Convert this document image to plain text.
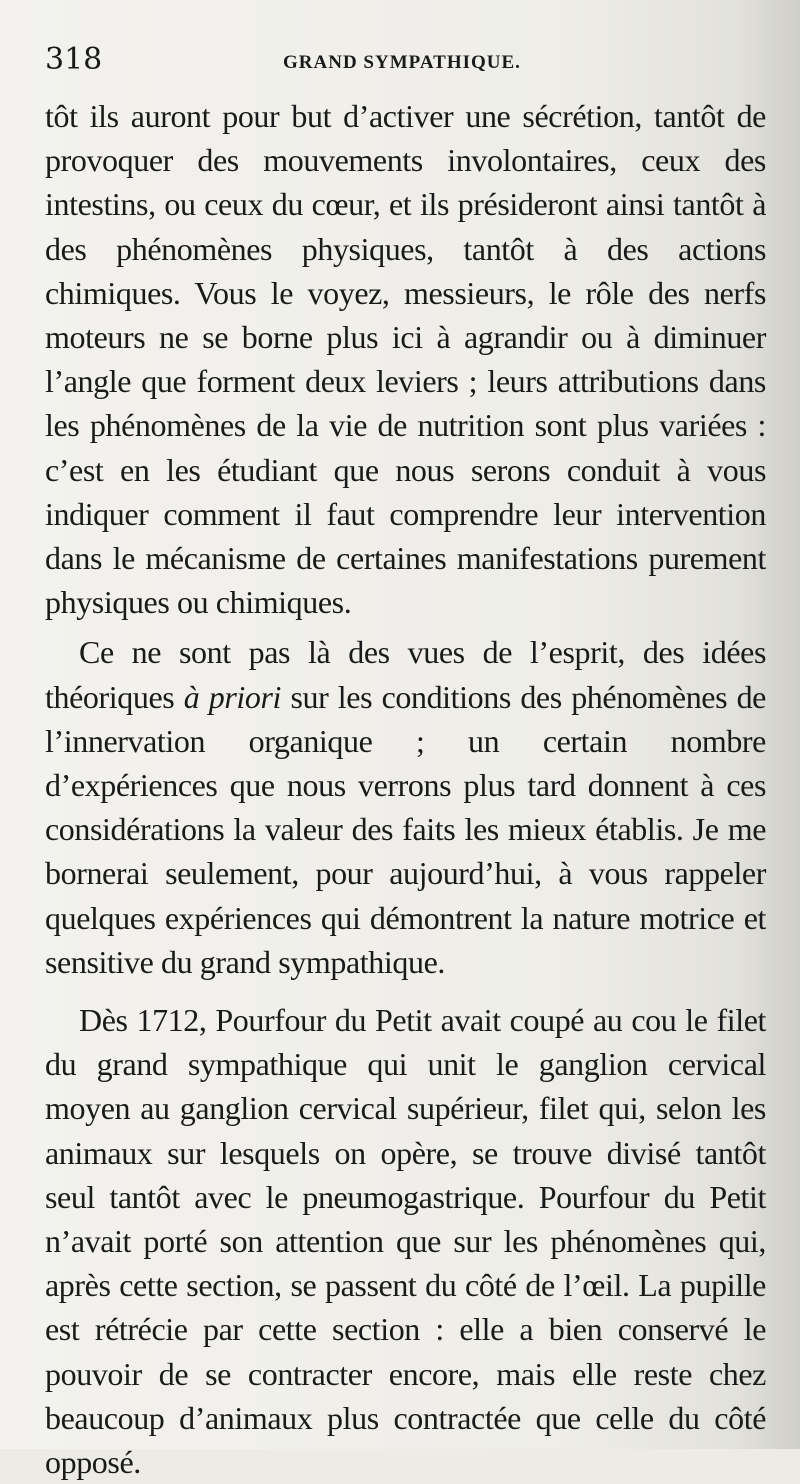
318	GRAND SYMPATHIQUE.

tôt ils auront pour but d’activer une sécrétion, tantôt de provoquer des mouvements involontaires, ceux des intestins, ou ceux du cœur, et ils présideront ainsi tantôt à des phénomènes physiques, tantôt à des actions chimiques. Vous le voyez, messieurs, le rôle des nerfs moteurs ne se borne plus ici à agrandir ou à diminuer l’angle que forment deux leviers ; leurs attributions dans les phénomènes de la vie de nutrition sont plus variées : c’est en les étudiant que nous serons conduit à vous indiquer comment il faut comprendre leur intervention dans le mécanisme de certaines manifestations purement physiques ou chimiques.

Ce ne sont pas là des vues de l’esprit, des idées théoriques à priori sur les conditions des phénomènes de l’innervation organique ; un certain nombre d’expériences que nous verrons plus tard donnent à ces considérations la valeur des faits les mieux établis. Je me bornerai seulement, pour aujourd’hui, à vous rappeler quelques expériences qui démontrent la nature motrice et sensitive du grand sympathique.

Dès 1712, Pourfour du Petit avait coupé au cou le filet du grand sympathique qui unit le ganglion cervical moyen au ganglion cervical supérieur, filet qui, selon les animaux sur lesquels on opère, se trouve divisé tantôt seul tantôt avec le pneumogastrique. Pourfour du Petit n’avait porté son attention que sur les phénomènes qui, après cette section, se passent du côté de l’œil. La pupille est rétrécie par cette section : elle a bien conservé le pouvoir de se contracter encore, mais elle reste chez beaucoup d’animaux plus contractée que celle du côté opposé.
